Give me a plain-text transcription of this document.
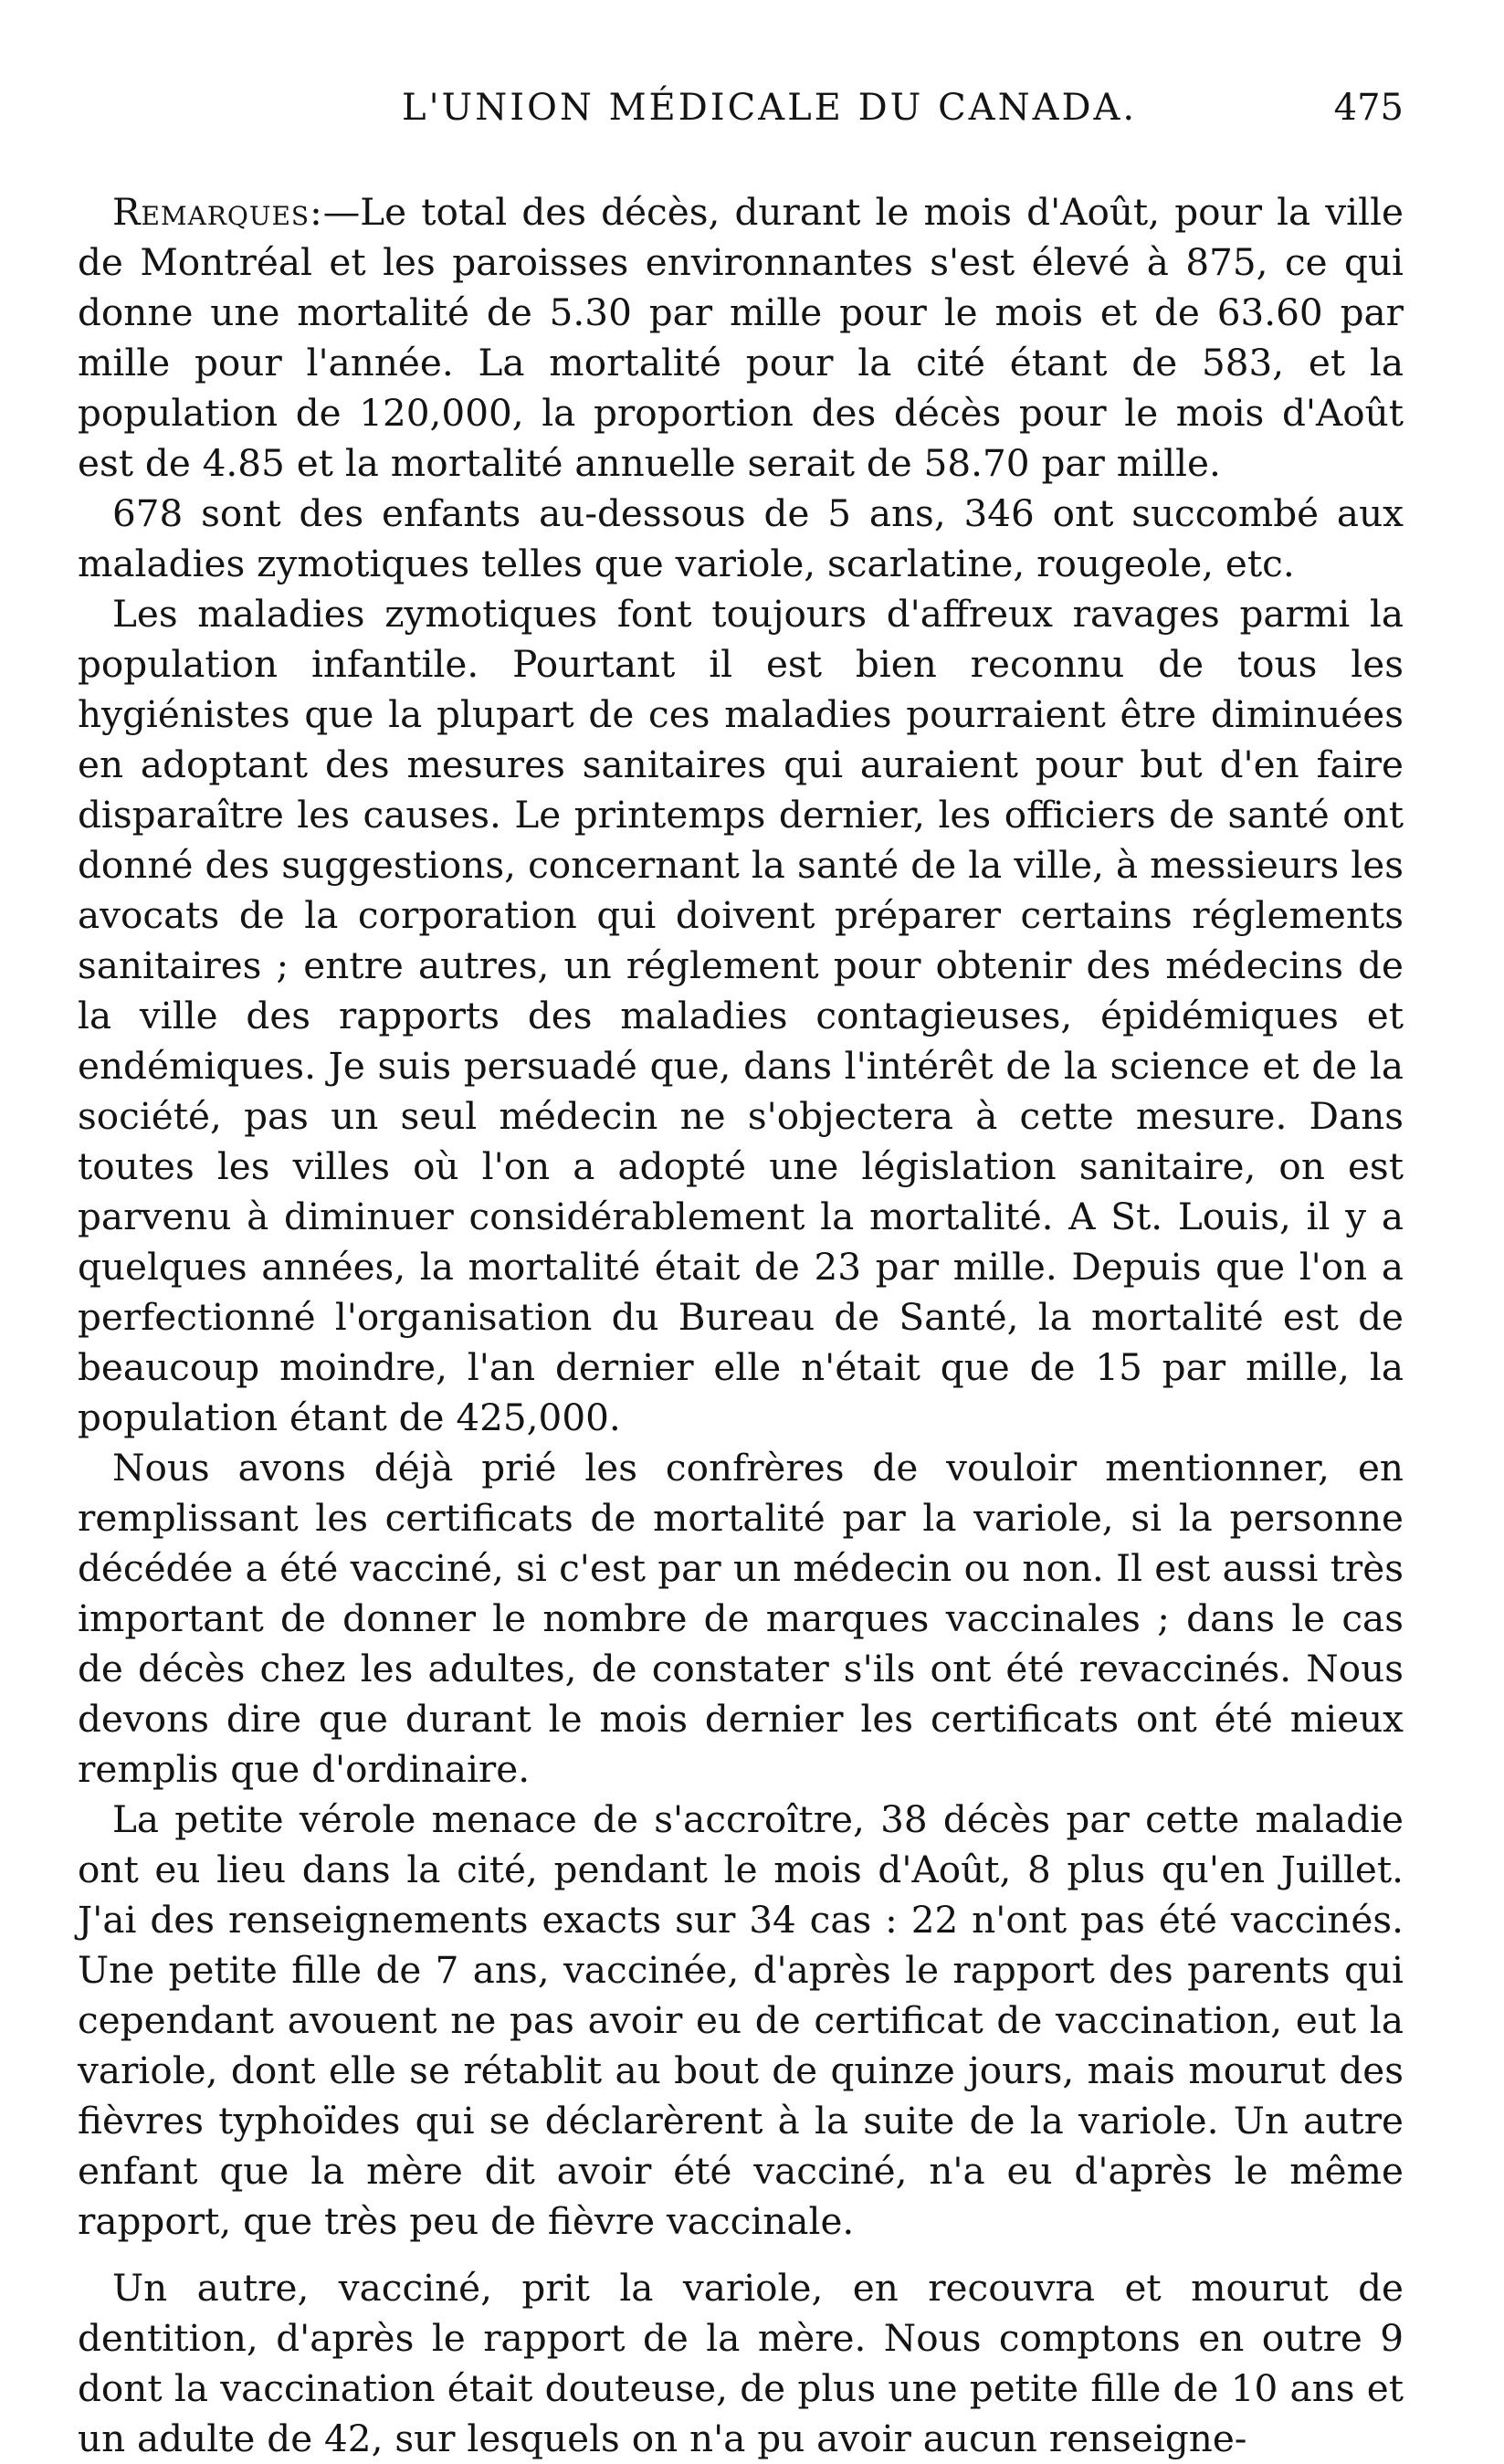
L'UNION MÉDICALE DU CANADA.	475

Remarques:—Le total des décès, durant le mois d'Août, pour la ville de Montréal et les paroisses environnantes s'est élevé à 875, ce qui donne une mortalité de 5.30 par mille pour le mois et de 63.60 par mille pour l'année. La mortalité pour la cité étant de 583, et la population de 120,000, la proportion des décès pour le mois d'Août est de 4.85 et la mortalité annuelle serait de 58.70 par mille.

678 sont des enfants au-dessous de 5 ans, 346 ont succombé aux maladies zymotiques telles que variole, scarlatine, rougeole, etc.

Les maladies zymotiques font toujours d'affreux ravages parmi la population infantile. Pourtant il est bien reconnu de tous les hygiénistes que la plupart de ces maladies pourraient être diminuées en adoptant des mesures sanitaires qui auraient pour but d'en faire disparaître les causes. Le printemps dernier, les officiers de santé ont donné des suggestions, concernant la santé de la ville, à messieurs les avocats de la corporation qui doivent préparer certains réglements sanitaires ; entre autres, un réglement pour obtenir des médecins de la ville des rapports des maladies contagieuses, épidémiques et endémiques. Je suis persuadé que, dans l'intérêt de la science et de la société, pas un seul médecin ne s'objectera à cette mesure. Dans toutes les villes où l'on a adopté une législation sanitaire, on est parvenu à diminuer considérablement la mortalité. A St. Louis, il y a quelques années, la mortalité était de 23 par mille. Depuis que l'on a perfectionné l'organisation du Bureau de Santé, la mortalité est de beaucoup moindre, l'an dernier elle n'était que de 15 par mille, la population étant de 425,000.

Nous avons déjà prié les confrères de vouloir mentionner, en remplissant les certificats de mortalité par la variole, si la personne décédée a été vacciné, si c'est par un médecin ou non. Il est aussi très important de donner le nombre de marques vaccinales ; dans le cas de décès chez les adultes, de constater s'ils ont été revaccinés. Nous devons dire que durant le mois dernier les certificats ont été mieux remplis que d'ordinaire.

La petite vérole menace de s'accroître, 38 décès par cette maladie ont eu lieu dans la cité, pendant le mois d'Août, 8 plus qu'en Juillet. J'ai des renseignements exacts sur 34 cas : 22 n'ont pas été vaccinés. Une petite fille de 7 ans, vaccinée, d'après le rapport des parents qui cependant avouent ne pas avoir eu de certificat de vaccination, eut la variole, dont elle se rétablit au bout de quinze jours, mais mourut des fièvres typhoïdes qui se déclarèrent à la suite de la variole. Un autre enfant que la mère dit avoir été vacciné, n'a eu d'après le même rapport, que très peu de fièvre vaccinale.

Un autre, vacciné, prit la variole, en recouvra et mourut de dentition, d'après le rapport de la mère. Nous comptons en outre 9 dont la vaccination était douteuse, de plus une petite fille de 10 ans et un adulte de 42, sur lesquels on n'a pu avoir aucun renseigne-
